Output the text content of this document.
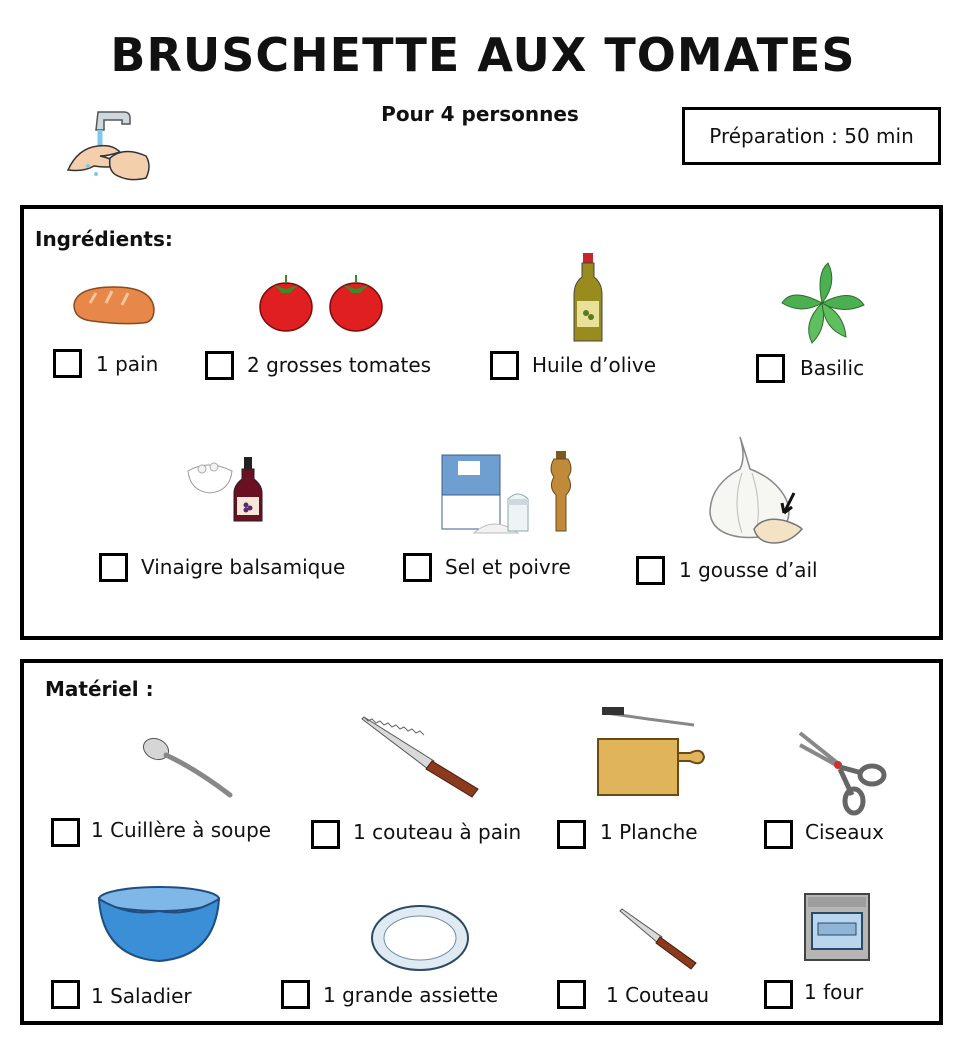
BRUSCHETTE AUX TOMATES
Pour 4 personnes
Préparation : 50 min
Ingrédients:
1 pain	2 grosses tomates	Huile d’olive	Basilic
Vinaigre balsamique	Sel et poivre	1 gousse d’ail
Matériel :
1 Cuillère à soupe	1 couteau à pain	1 Planche	Ciseaux
1 Saladier	1 grande assiette	1 Couteau	1 four
